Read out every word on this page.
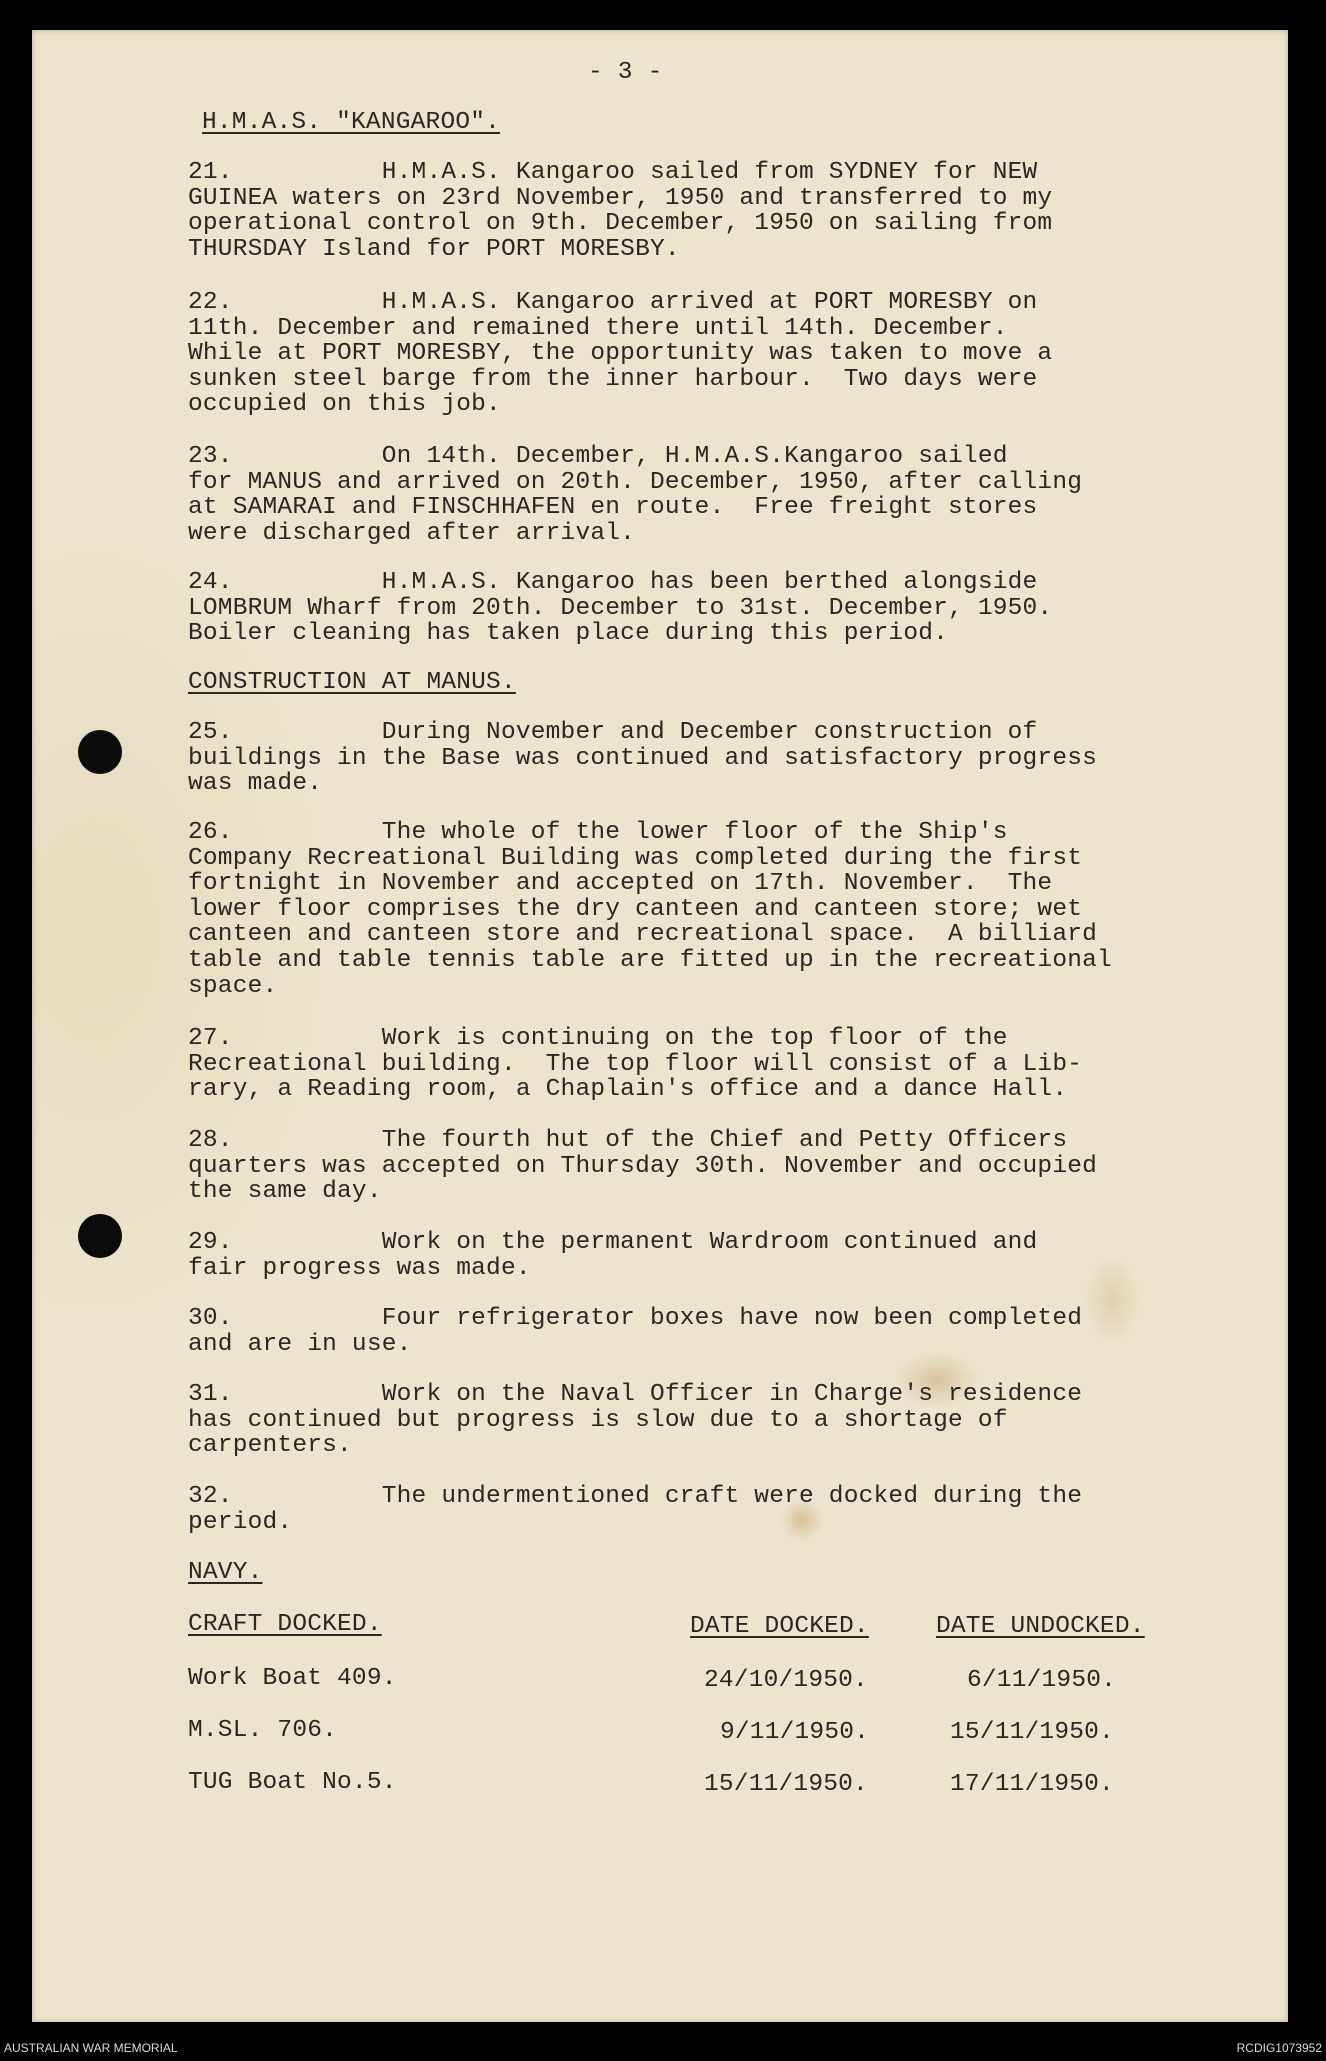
- 3 -
H.M.A.S. "KANGAROO".
21.          H.M.A.S. Kangaroo sailed from SYDNEY for NEW
GUINEA waters on 23rd November, 1950 and transferred to my
operational control on 9th. December, 1950 on sailing from
THURSDAY Island for PORT MORESBY.
22.          H.M.A.S. Kangaroo arrived at PORT MORESBY on
11th. December and remained there until 14th. December.
While at PORT MORESBY, the opportunity was taken to move a
sunken steel barge from the inner harbour.  Two days were
occupied on this job.
23.          On 14th. December, H.M.A.S.Kangaroo sailed
for MANUS and arrived on 20th. December, 1950, after calling
at SAMARAI and FINSCHHAFEN en route.  Free freight stores
were discharged after arrival.
24.          H.M.A.S. Kangaroo has been berthed alongside
LOMBRUM Wharf from 20th. December to 31st. December, 1950.
Boiler cleaning has taken place during this period.
CONSTRUCTION AT MANUS.
25.          During November and December construction of
buildings in the Base was continued and satisfactory progress
was made.
26.          The whole of the lower floor of the Ship's
Company Recreational Building was completed during the first
fortnight in November and accepted on 17th. November.  The
lower floor comprises the dry canteen and canteen store; wet
canteen and canteen store and recreational space.  A billiard
table and table tennis table are fitted up in the recreational
space.
27.          Work is continuing on the top floor of the
Recreational building.  The top floor will consist of a Lib-
rary, a Reading room, a Chaplain's office and a dance Hall.
28.          The fourth hut of the Chief and Petty Officers
quarters was accepted on Thursday 30th. November and occupied
the same day.
29.          Work on the permanent Wardroom continued and
fair progress was made.
30.          Four refrigerator boxes have now been completed
and are in use.
31.          Work on the Naval Officer in Charge's residence
has continued but progress is slow due to a shortage of
carpenters.
32.          The undermentioned craft were docked during the
period.
NAVY.
CRAFT DOCKED.	DATE DOCKED.	DATE UNDOCKED.
Work Boat 409.	24/10/1950.	6/11/1950.
M.SL. 706.	9/11/1950.	15/11/1950.
TUG Boat No.5.	15/11/1950.	17/11/1950.
AUSTRALIAN WAR MEMORIAL	RCDIG1073952
